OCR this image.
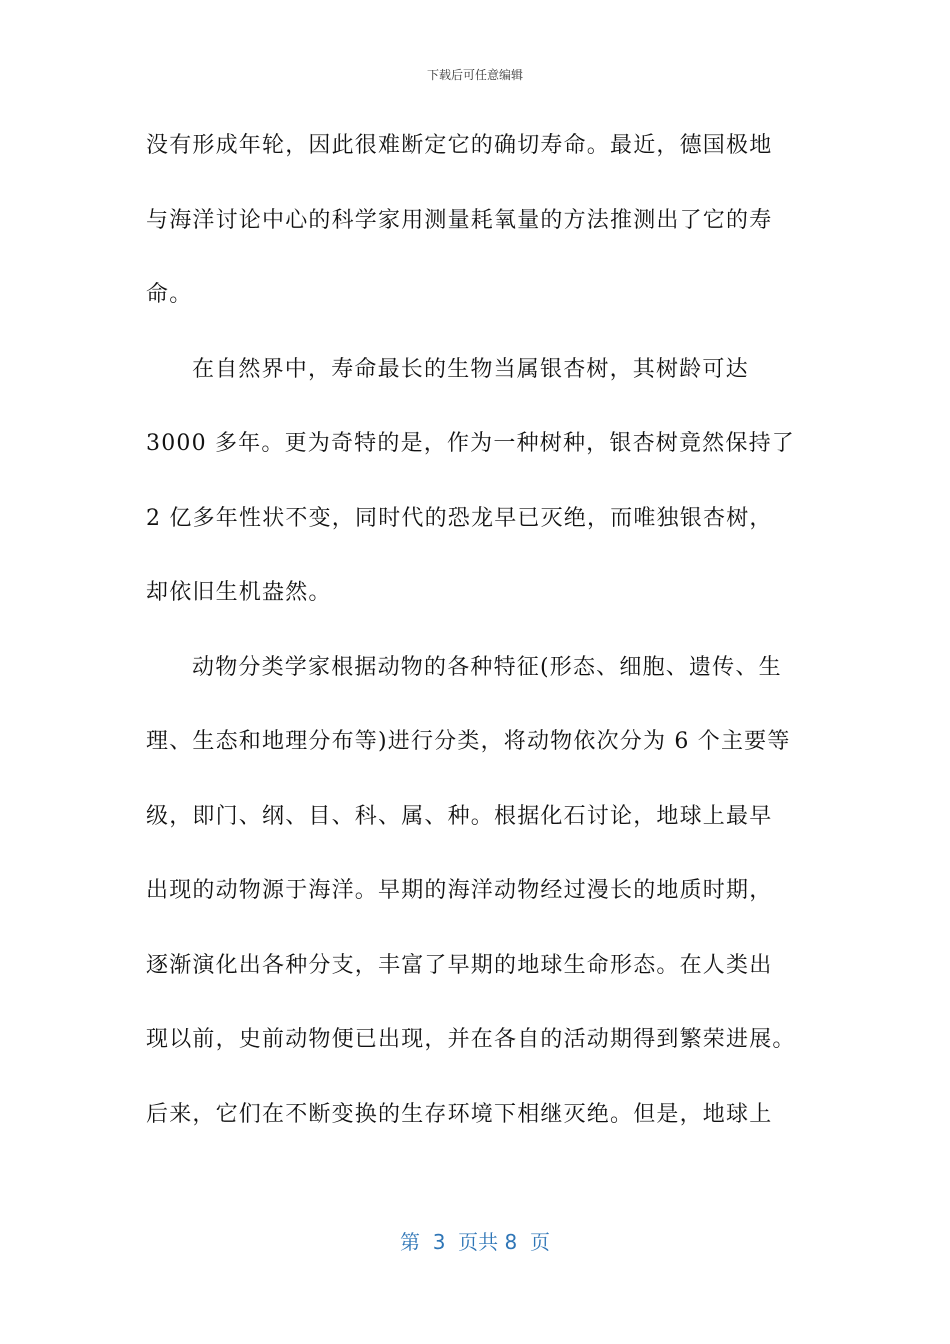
下载后可任意编辑
没有形成年轮，因此很难断定它的确切寿命。最近，德国极地
与海洋讨论中心的科学家用测量耗氧量的方法推测出了它的寿
命。
在自然界中，寿命最长的生物当属银杏树，其树龄可达
3000 多年。更为奇特的是，作为一种树种，银杏树竟然保持了
2 亿多年性状不变，同时代的恐龙早已灭绝，而唯独银杏树，
却依旧生机盎然。
动物分类学家根据动物的各种特征(形态、细胞、遗传、生
理、生态和地理分布等)进行分类，将动物依次分为 6 个主要等
级，即门、纲、目、科、属、种。根据化石讨论，地球上最早
出现的动物源于海洋。早期的海洋动物经过漫长的地质时期，
逐渐演化出各种分支，丰富了早期的地球生命形态。在人类出
现以前，史前动物便已出现，并在各自的活动期得到繁荣进展。
后来，它们在不断变换的生存环境下相继灭绝。但是，地球上
第  3  页共 8  页
